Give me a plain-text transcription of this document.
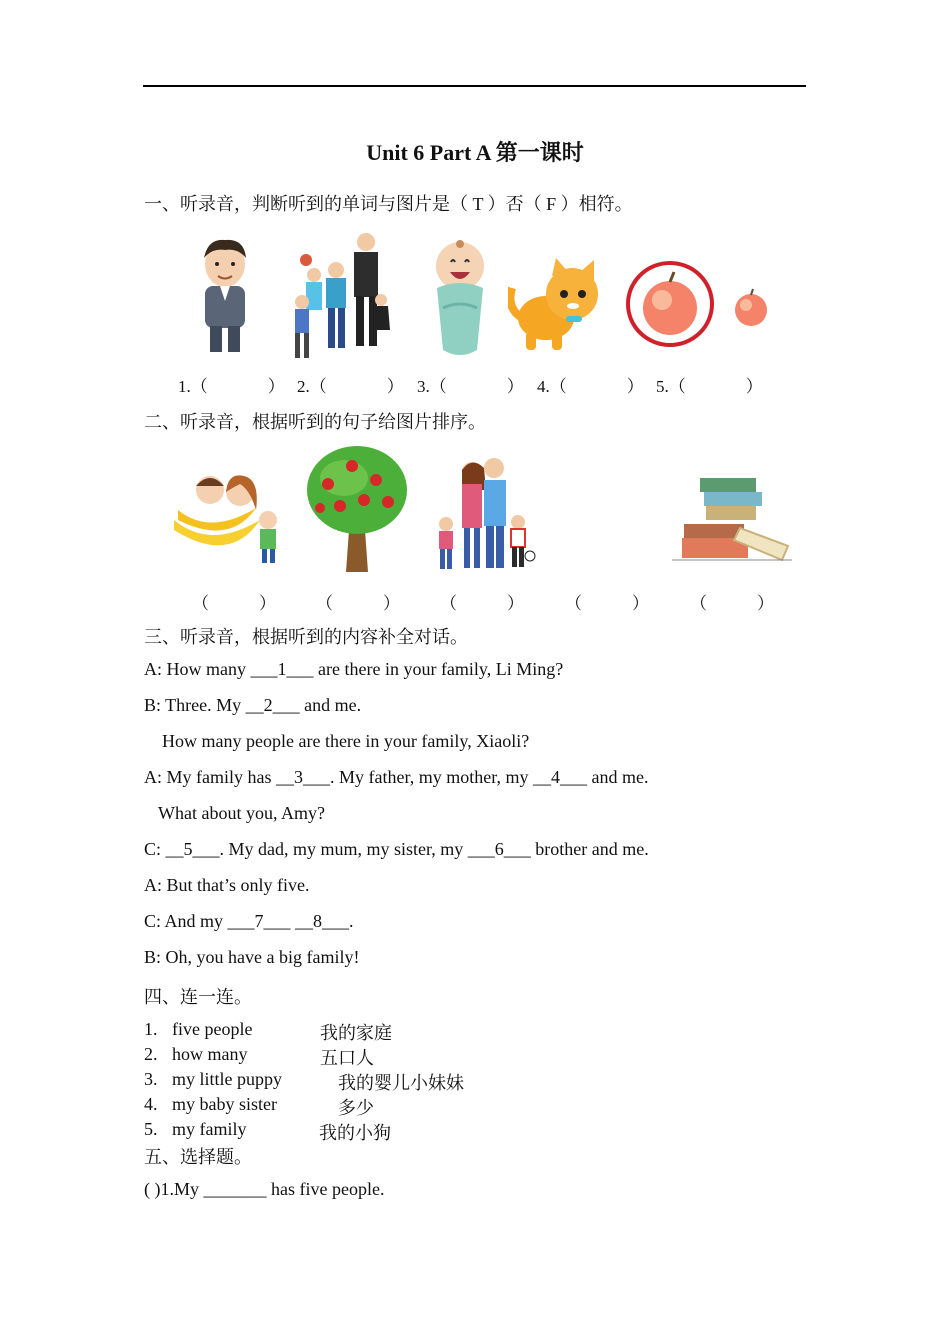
Unit 6 Part A 第一课时
一、听录音，判断听到的单词与图片是（ T ）否（ F ）相符。
1.（	） 2.（	） 3.（	） 4.（	） 5.（	）
二、听录音，根据听到的句子给图片排序。
（	） （	） （	） （	） （	）
三、听录音，根据听到的内容补全对话。
A: How many ___1___ are there in your family, Li Ming?
B: Three. My __2___ and me.
How many people are there in your family, Xiaoli?
A: My family has __3___. My father, my mother, my __4___ and me.
What about you, Amy?
C: __5___. My dad, my mum, my sister, my ___6___ brother and me.
A: But that’s only five.
C: And my ___7___ __8___.
B: Oh, you have a big family!
四、连一连。
1. five people	我的家庭
2. how many	五口人
3. my little puppy	我的婴儿小妹妹
4. my baby sister	多少
5. my family	我的小狗
五、选择题。
( )1.My _______ has five people.
